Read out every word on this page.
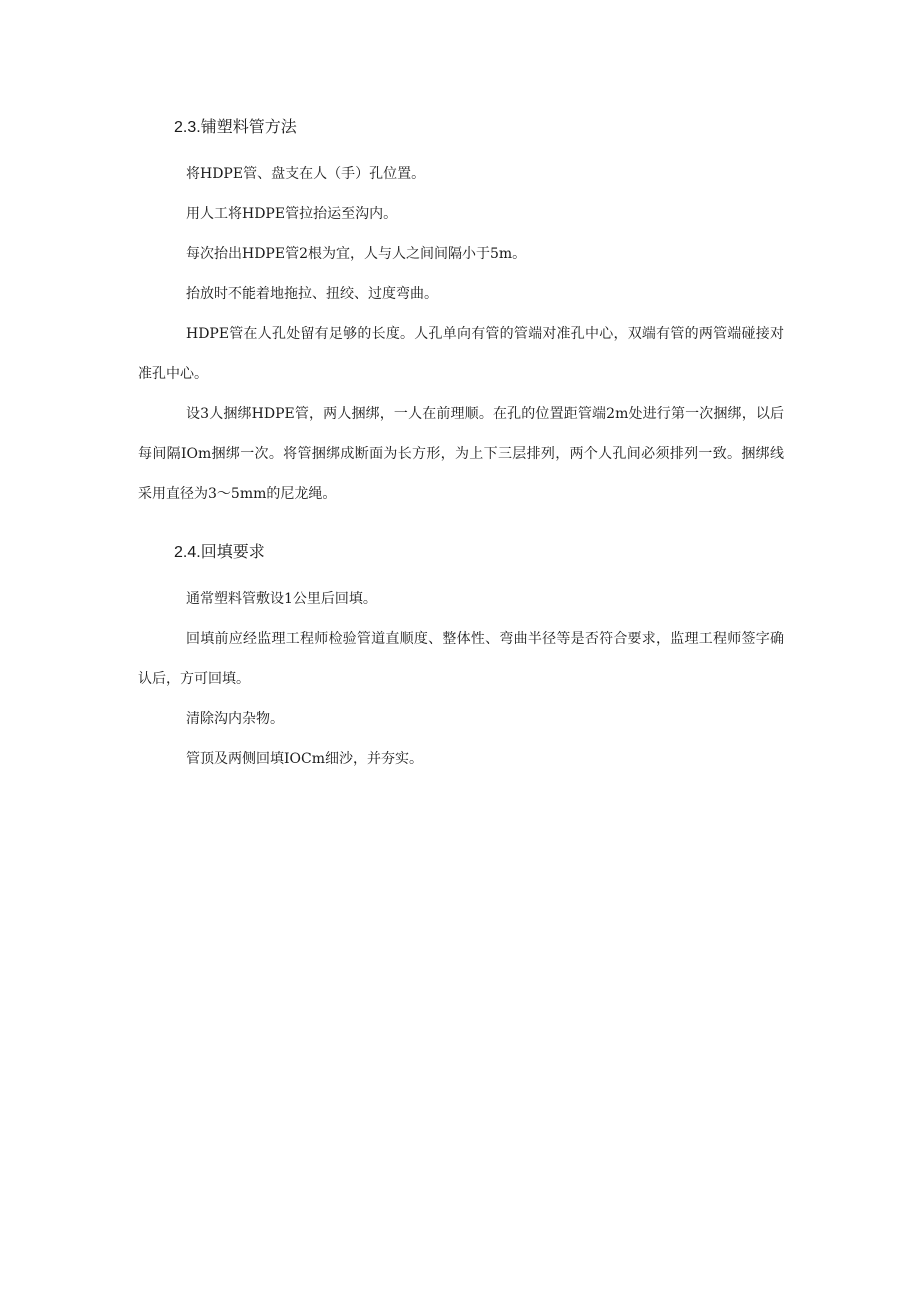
2.3.铺塑料管方法

将HDPE管、盘支在人（手）孔位置。

用人工将HDPE管拉抬运至沟内。

每次抬出HDPE管2根为宜，人与人之间间隔小于5m。

抬放时不能着地拖拉、扭绞、过度弯曲。

HDPE管在人孔处留有足够的长度。人孔单向有管的管端对准孔中心，双端有管的两管端碰接对准孔中心。

设3人捆绑HDPE管，两人捆绑，一人在前理顺。在孔的位置距管端2m处进行第一次捆绑，以后每间隔IOm捆绑一次。将管捆绑成断面为长方形，为上下三层排列，两个人孔间必须排列一致。捆绑线采用直径为3～5mm的尼龙绳。

2.4.回填要求

通常塑料管敷设1公里后回填。

回填前应经监理工程师检验管道直顺度、整体性、弯曲半径等是否符合要求，监理工程师签字确认后，方可回填。

清除沟内杂物。

管顶及两侧回填IOCm细沙，并夯实。
